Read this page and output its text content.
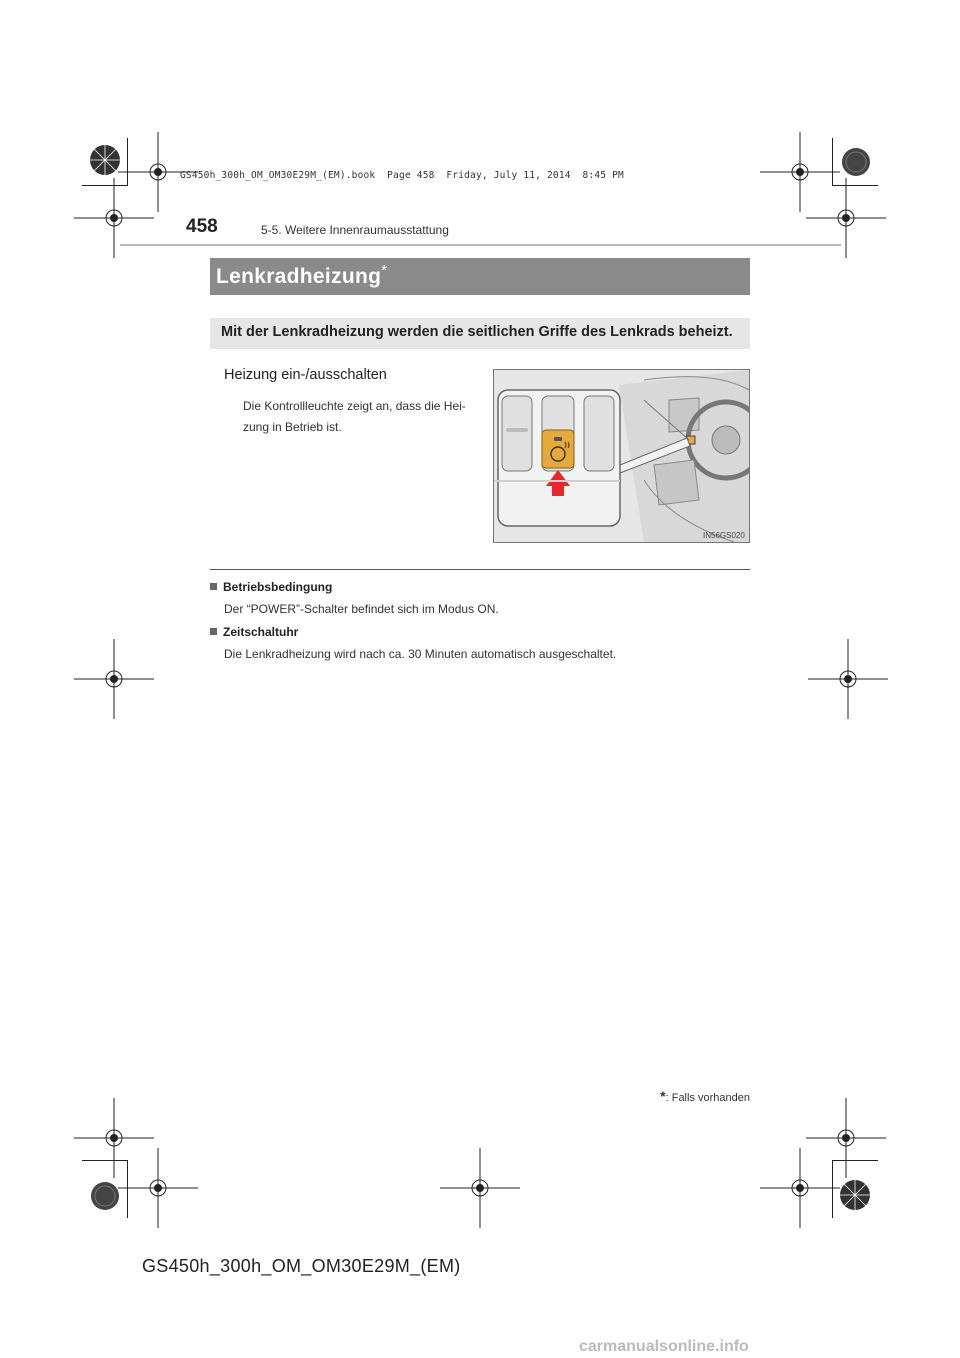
GS450h_300h_OM_OM30E29M_(EM).book  Page 458  Friday, July 11, 2014  8:45 PM
458	5-5. Weitere Innenraumausstattung
Lenkradheizung*
Mit der Lenkradheizung werden die seitlichen Griffe des Lenkrads beheizt.
Heizung ein-/ausschalten
Die Kontrollleuchte zeigt an, dass die Hei-
zung in Betrieb ist.
IN56GS020
Betriebsbedingung
Der “POWER”-Schalter befindet sich im Modus ON.
Zeitschaltuhr
Die Lenkradheizung wird nach ca. 30 Minuten automatisch ausgeschaltet.
*: Falls vorhanden
GS450h_300h_OM_OM30E29M_(EM)
carmanualsonline.info
